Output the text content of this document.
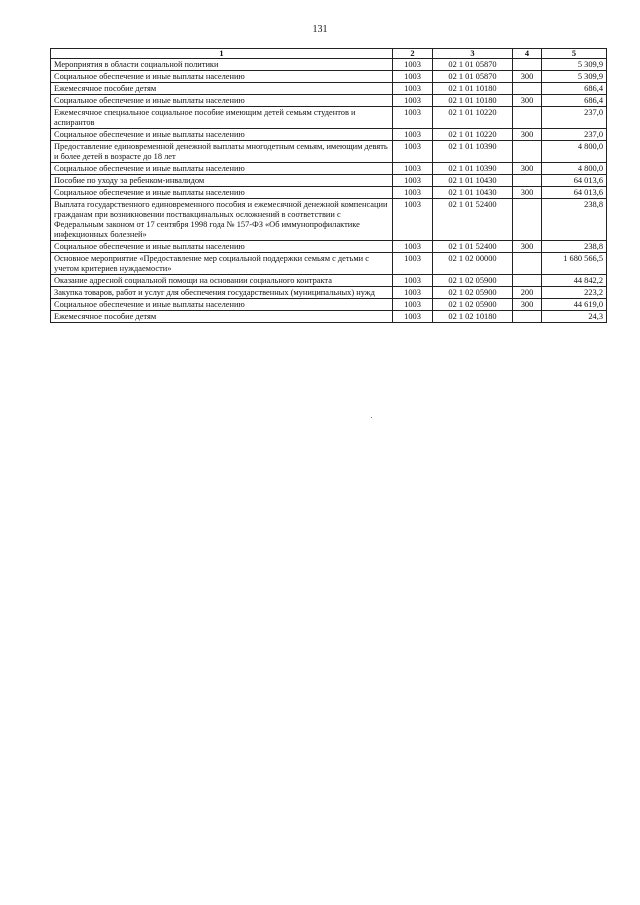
131
1	2	3	4	5
Мероприятия в области социальной политики	1003	02 1 01 05870		5 309,9
Социальное обеспечение и иные выплаты населению	1003	02 1 01 05870	300	5 309,9
Ежемесячное пособие детям	1003	02 1 01 10180		686,4
Социальное обеспечение и иные выплаты населению	1003	02 1 01 10180	300	686,4
Ежемесячное специальное социальное пособие имеющим детей семьям студентов и аспирантов	1003	02 1 01 10220		237,0
Социальное обеспечение и иные выплаты населению	1003	02 1 01 10220	300	237,0
Предоставление единовременной денежной выплаты многодетным семьям, имеющим девять и более детей в возрасте до 18 лет	1003	02 1 01 10390		4 800,0
Социальное обеспечение и иные выплаты населению	1003	02 1 01 10390	300	4 800,0
Пособие по уходу за ребенком-инвалидом	1003	02 1 01 10430		64 013,6
Социальное обеспечение и иные выплаты населению	1003	02 1 01 10430	300	64 013,6
Выплата государственного единовременного пособия и ежемесячной денежной компенсации гражданам при возникновении поствакцинальных осложнений в соответствии с Федеральным законом от 17 сентября 1998 года № 157-ФЗ «Об иммунопрофилактике инфекционных болезней»	1003	02 1 01 52400		238,8
Социальное обеспечение и иные выплаты населению	1003	02 1 01 52400	300	238,8
Основное мероприятие «Предоставление мер социальной поддержки семьям с детьми с учетом критериев нуждаемости»	1003	02 1 02 00000		1 680 566,5
Оказание адресной социальной помощи на основании социального контракта	1003	02 1 02 05900		44 842,2
Закупка товаров, работ и услуг для обеспечения государственных (муниципальных) нужд	1003	02 1 02 05900	200	223,2
Социальное обеспечение и иные выплаты населению	1003	02 1 02 05900	300	44 619,0
Ежемесячное пособие детям	1003	02 1 02 10180		24,3
